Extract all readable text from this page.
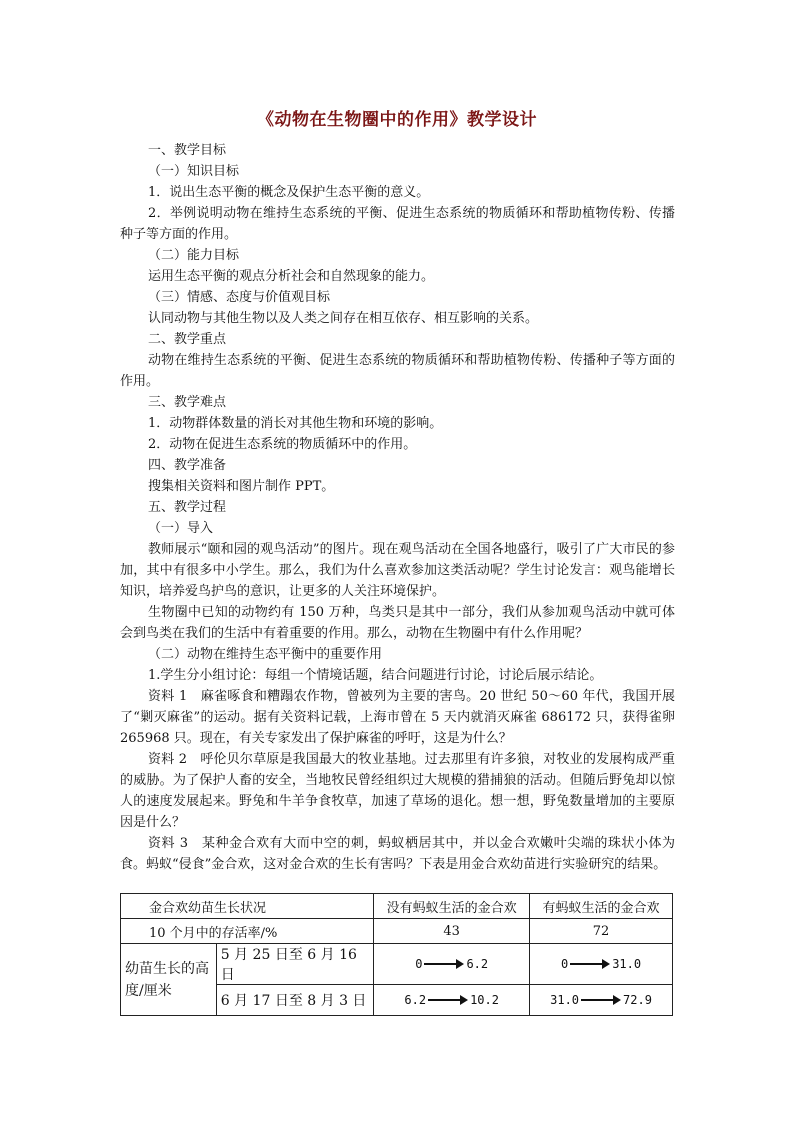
《动物在生物圈中的作用》教学设计

一、教学目标

（一）知识目标

1．说出生态平衡的概念及保护生态平衡的意义。

2．举例说明动物在维持生态系统的平衡、促进生态系统的物质循环和帮助植物传粉、传播种子等方面的作用。

（二）能力目标

运用生态平衡的观点分析社会和自然现象的能力。

（三）情感、态度与价值观目标

认同动物与其他生物以及人类之间存在相互依存、相互影响的关系。

二、教学重点

动物在维持生态系统的平衡、促进生态系统的物质循环和帮助植物传粉、传播种子等方面的作用。

三、教学难点

1．动物群体数量的消长对其他生物和环境的影响。

2．动物在促进生态系统的物质循环中的作用。

四、教学准备

搜集相关资料和图片制作 PPT。

五、教学过程

（一）导入

教师展示“颐和园的观鸟活动”的图片。现在观鸟活动在全国各地盛行，吸引了广大市民的参加，其中有很多中小学生。那么，我们为什么喜欢参加这类活动呢？学生讨论发言：观鸟能增长知识，培养爱鸟护鸟的意识，让更多的人关注环境保护。

生物圈中已知的动物约有 150 万种，鸟类只是其中一部分，我们从参加观鸟活动中就可体会到鸟类在我们的生活中有着重要的作用。那么，动物在生物圈中有什么作用呢？

（二）动物在维持生态平衡中的重要作用

1.学生分小组讨论：每组一个情境话题，结合问题进行讨论，讨论后展示结论。

资料 1　麻雀啄食和糟蹋农作物，曾被列为主要的害鸟。20 世纪 50～60 年代，我国开展了“剿灭麻雀”的运动。据有关资料记载，上海市曾在 5 天内就消灭麻雀 686172 只，获得雀卵 265968 只。现在，有关专家发出了保护麻雀的呼吁，这是为什么？

资料 2　呼伦贝尔草原是我国最大的牧业基地。过去那里有许多狼，对牧业的发展构成严重的威胁。为了保护人畜的安全，当地牧民曾经组织过大规模的猎捕狼的活动。但随后野兔却以惊人的速度发展起来。野兔和牛羊争食牧草，加速了草场的退化。想一想，野兔数量增加的主要原因是什么？

资料 3　某种金合欢有大而中空的刺，蚂蚁栖居其中，并以金合欢嫩叶尖端的珠状小体为食。蚂蚁“侵食”金合欢，这对金合欢的生长有害吗？下表是用金合欢幼苗进行实验研究的结果。

金合欢幼苗生长状况		没有蚂蚁生活的金合欢	有蚂蚁生活的金合欢
10 个月中的存活率/%		43	72
幼苗生长的高度/厘米	5 月 25 日至 6 月 16 日	0 6.2	0 31.0

	6 月 17 日至 8 月 3 日	6.2 10.2	31.0 72.9
